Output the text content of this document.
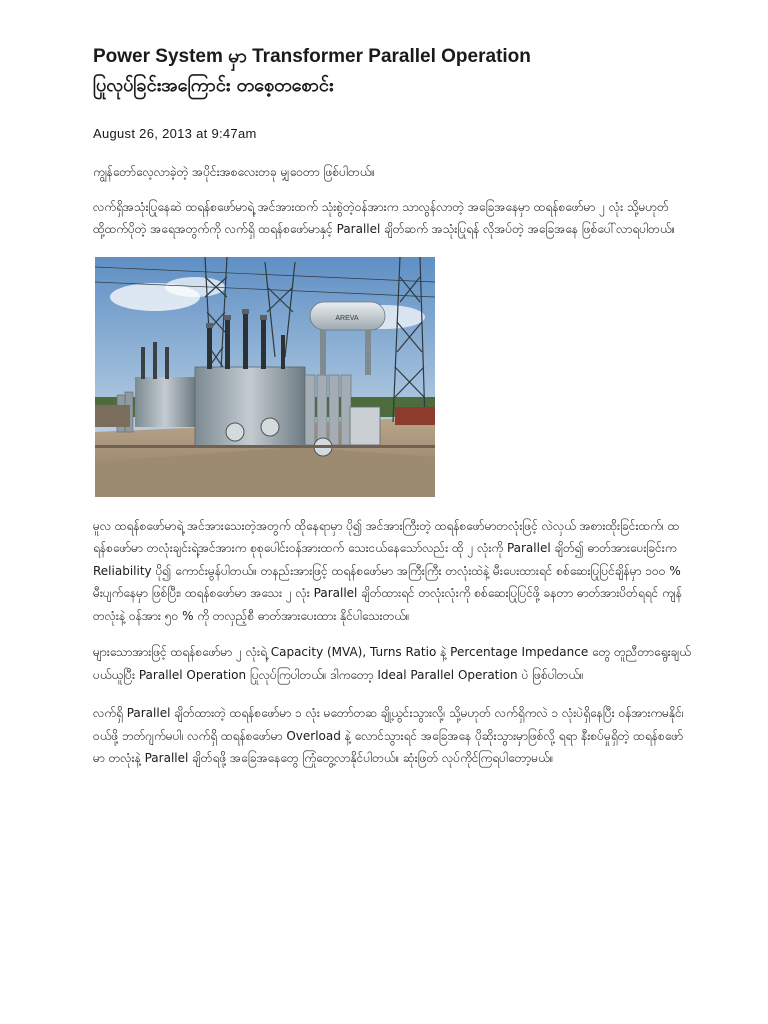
Power System မှာ Transformer Parallel Operation
ပြုလုပ်ခြင်းအကြောင်း တစေ့တစောင်း
August 26, 2013 at 9:47am

ကျွန်တော်လေ့လာခဲ့တဲ့ အပိုင်းအစလေးတခု မျှဝေတာ ဖြစ်ပါတယ်။

လက်ရှိအသုံးပြုနေဆဲ ထရန်စဖော်မာရဲ့ အင်အားထက် သုံးစွဲတဲ့ဝန်အားက သာလွန်လာတဲ့ အခြေအနေမှာ ထရန်စဖော်မာ ၂ လုံး သို့မဟုတ် ထို့ထက်ပိုတဲ့ အရေအတွက်ကို လက်ရှိ ထရန်စဖော်မာနှင့် Parallel ချိတ်ဆက် အသုံးပြုရန် လိုအပ်တဲ့ အခြေအနေ ဖြစ်ပေါ်လာရပါတယ်။

AREVA

မူလ ထရန်စဖော်မာရဲ့ အင်အားသေးတဲ့အတွက် ထိုနေရာမှာ ပို၍ အင်အားကြီးတဲ့ ထရန်စဖော်မာတလုံးဖြင့် လဲလှယ် အစားထိုးခြင်းထက်၊ ထရန်စဖော်မာ တလုံးချင်းရဲ့အင်အားက စုစုပေါင်းဝန်အားထက် သေးငယ်နေသော်လည်း ထို ၂ လုံးကို Parallel ချိတ်၍ ဓာတ်အားပေးခြင်းက Reliability ပို၍ ကောင်းမွန်ပါတယ်။ တနည်းအားဖြင့် ထရန်စဖော်မာ အကြီးကြီး တလုံးထဲနဲ့ မီးပေးထားရင် စစ်ဆေးပြုပြင်ချိန်မှာ ၁၀၀ % မီးပျက်နေမှာ ဖြစ်ပြီး၊ ထရန်စဖော်မာ အသေး ၂ လုံး Parallel ချိတ်ထားရင် တလုံးလုံးကို စစ်ဆေးပြုပြင်ဖို့ ခနတာ ဓာတ်အားပိတ်ရရင် ကျန်တလုံးနဲ့ ဝန်အား ၅၀ % ကို တလှည့်စီ ဓာတ်အားပေးထား နိုင်ပါသေးတယ်။

များသောအားဖြင့် ထရန်စဖော်မာ ၂ လုံးရဲ့ Capacity (MVA), Turns Ratio နဲ့ Percentage Impedance တွေ တူညီတာရွေးချယ်ပယ်ယူပြီး Parallel Operation ပြုလုပ်ကြပါတယ်။ ဒါကတော့ Ideal Parallel Operation ပဲ ဖြစ်ပါတယ်။

လက်ရှိ Parallel ချိတ်ထားတဲ့ ထရန်စဖော်မာ ၁ လုံး မတော်တဆ ချို့ယွင်းသွားလို့၊ သို့မဟုတ် လက်ရှိကလဲ ၁ လုံးပဲရှိနေပြီး ဝန်အားကမနိုင်၊ ဝယ်ဖို့ ဘတ်ဂျက်မပါ၊ လက်ရှိ ထရန်စဖော်မာ Overload နဲ့ လောင်သွားရင် အခြေအနေ ပိုဆိုးသွားမှာဖြစ်လို့ ရရာ နီးစပ်မှုရှိတဲ့ ထရန်စဖော်မာ တလုံးနဲ့ Parallel ချိတ်ရဖို့ အခြေအနေတွေ ကြုံတွေ့လာနိုင်ပါတယ်။ ဆုံးဖြတ် လုပ်ကိုင်ကြရပါတော့မယ်။
